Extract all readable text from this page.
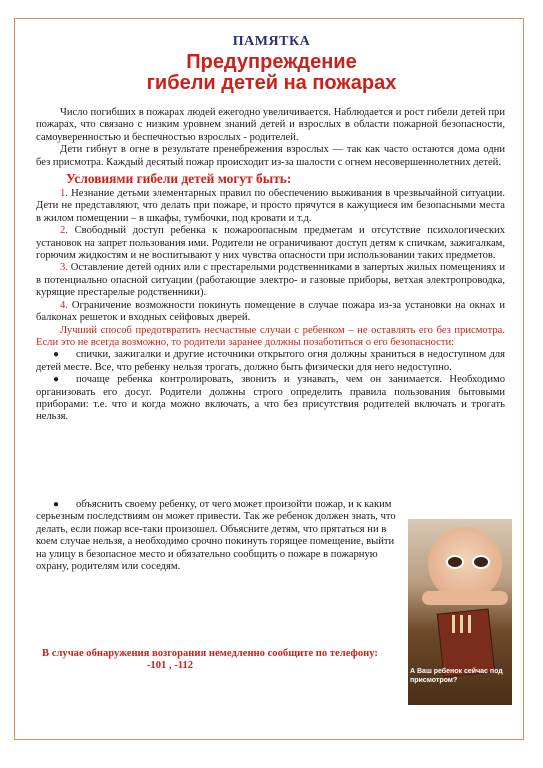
ПАМЯТКА
Предупреждение
гибели детей на пожарах

Число погибших в пожарах людей ежегодно увеличивается. Наблюдается и рост гибели детей при пожарах, что связано с низким уровнем знаний детей и взрослых в области пожарной безопасности, самоуверенностью и беспечностью взрослых - родителей.

Дети гибнут в огне в результате пренебрежения взрослых — так как часто остаются дома одни без присмотра. Каждый десятый пожар происходит из-за шалости с огнем несовершеннолетних детей.

Условиями гибели детей могут быть:

1. Незнание детьми элементарных правил по обеспечению выживания в чрезвычайной ситуации. Дети не представляют, что делать при пожаре, и просто прячутся в кажущиеся им безопасными места в жилом помещении – в шкафы, тумбочки, под кровати и т.д.

2. Свободный доступ ребенка к пожароопасным предметам и отсутствие психологических установок на запрет пользования ими. Родители не ограничивают доступ детям к спичкам, зажигалкам, горючим жидкостям и не воспитывают у них чувства опасности при использовании таких предметов.

3. Оставление детей одних или с престарелыми родственниками в запертых жилых помещениях и в потенциально опасной ситуации (работающие электро- и газовые приборы, ветхая электропроводка, курящие престарелые родственники).

4. Ограничение возможности покинуть помещение в случае пожара из-за установки на окнах и балконах решеток и входных сейфовых дверей.

Лучший способ предотвратить несчастные случаи с ребенком – не оставлять его без присмотра. Если это не всегда возможно, то родители заранее должны позаботиться о его безопасности:

● спички, зажигалки и другие источники открытого огня должны храниться в недоступном для детей месте. Все, что ребенку нельзя трогать, должно быть физически для него недоступно.

● почаще ребенка контролировать, звонить и узнавать, чем он занимается. Необходимо организовать его досуг. Родители должны строго определить правила пользования бытовыми приборами: т.е. что и когда можно включать, а что без присутствия родителей включать и трогать нельзя.

● объяснить своему ребенку, от чего может произойти пожар, и к каким серьезным последствиям он может привести. Так же ребенок должен знать, что делать, если пожар все-таки произошел. Объясните детям, что прятаться ни в коем случае нельзя, а необходимо срочно покинуть горящее помещение, выйти на улицу в безопасное место и обязательно сообщить о пожаре в пожарную охрану, родителям или соседям.

А Ваш ребенок сейчас под присмотром?
В случае обнаружения возгорания немедленно сообщите по телефону:
-101 , -112
